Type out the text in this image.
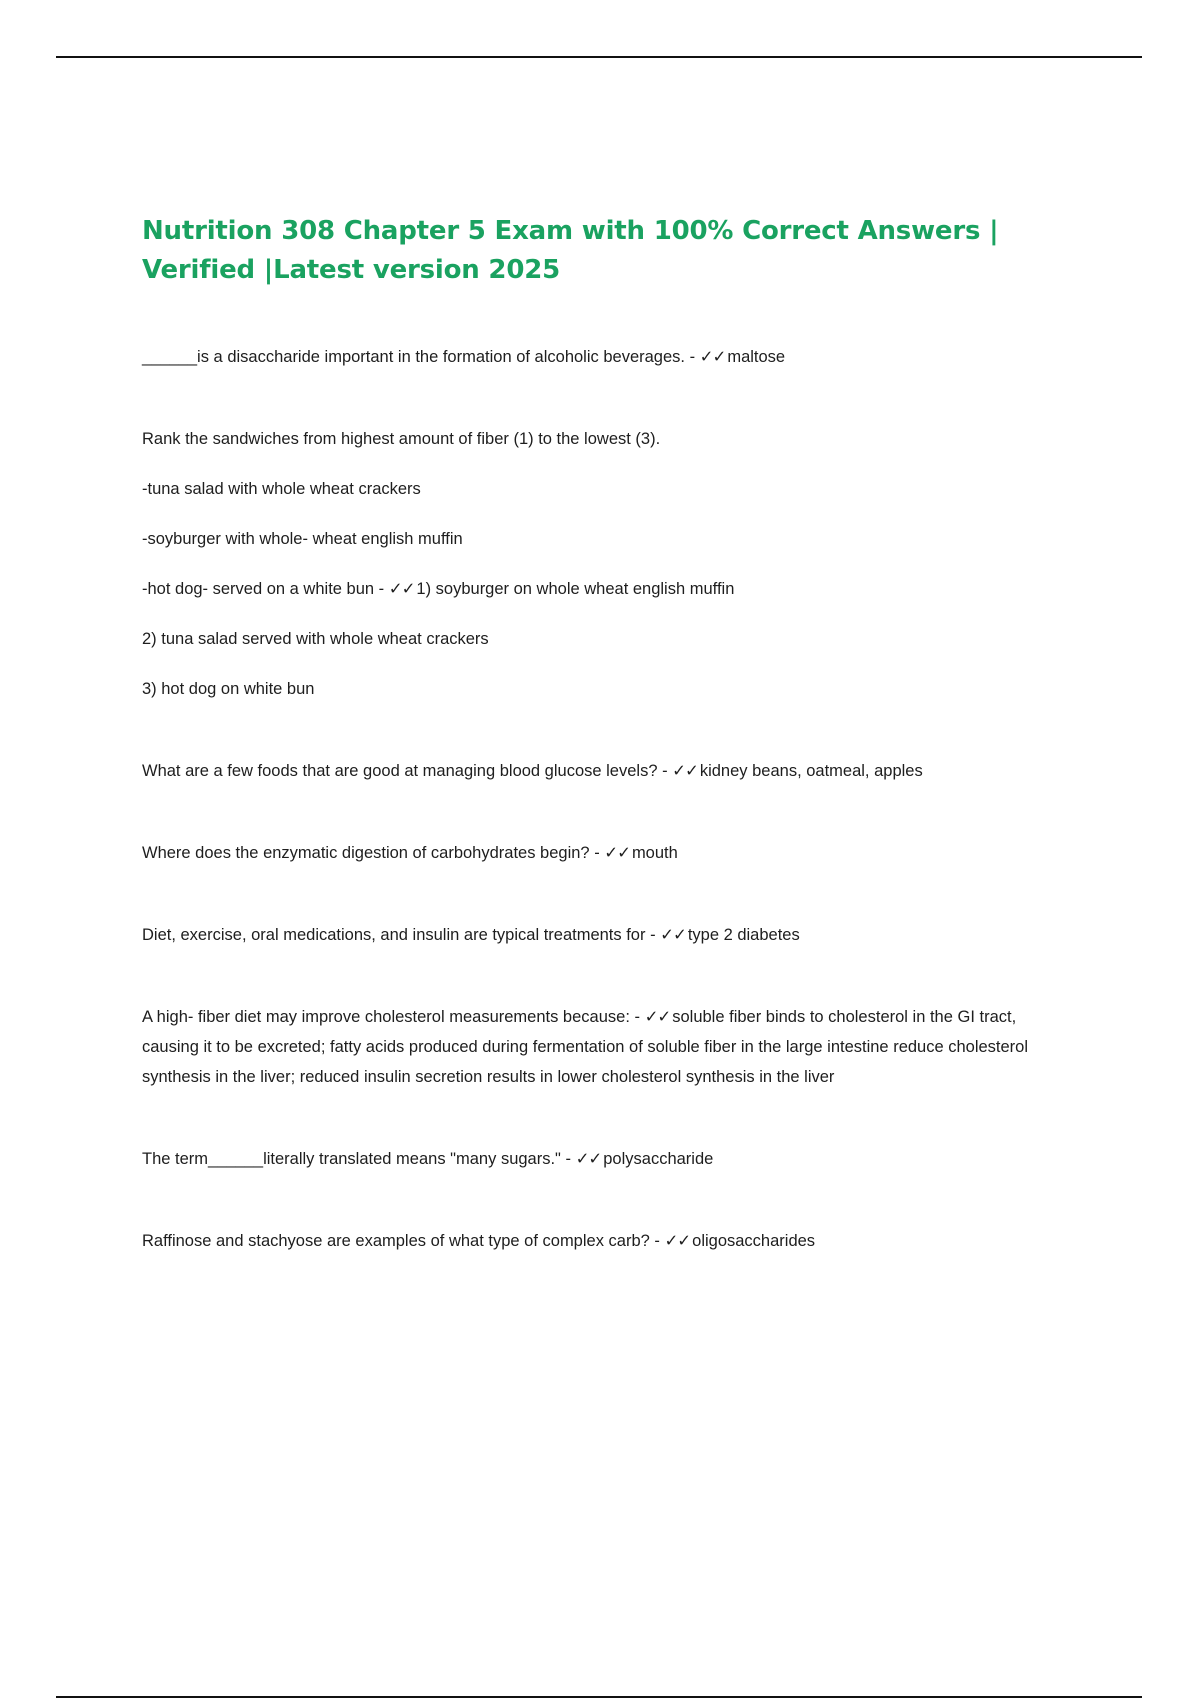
Nutrition 308 Chapter 5 Exam with 100% Correct Answers | Verified |Latest version 2025

______is a disaccharide important in the formation of alcoholic beverages. - ✓✓ maltose

Rank the sandwiches from highest amount of fiber (1) to the lowest (3).

-tuna salad with whole wheat crackers

-soyburger with whole- wheat english muffin

-hot dog- served on a white bun - ✓✓ 1) soyburger on whole wheat english muffin

2) tuna salad served with whole wheat crackers

3) hot dog on white bun

What are a few foods that are good at managing blood glucose levels? - ✓✓ kidney beans, oatmeal, apples

Where does the enzymatic digestion of carbohydrates begin? - ✓✓ mouth

Diet, exercise, oral medications, and insulin are typical treatments for - ✓✓ type 2 diabetes

A high- fiber diet may improve cholesterol measurements because: - ✓✓ soluble fiber binds to cholesterol in the GI tract, causing it to be excreted; fatty acids produced during fermentation of soluble fiber in the large intestine reduce cholesterol synthesis in the liver; reduced insulin secretion results in lower cholesterol synthesis in the liver

The term______literally translated means "many sugars." - ✓✓ polysaccharide

Raffinose and stachyose are examples of what type of complex carb? - ✓✓ oligosaccharides
